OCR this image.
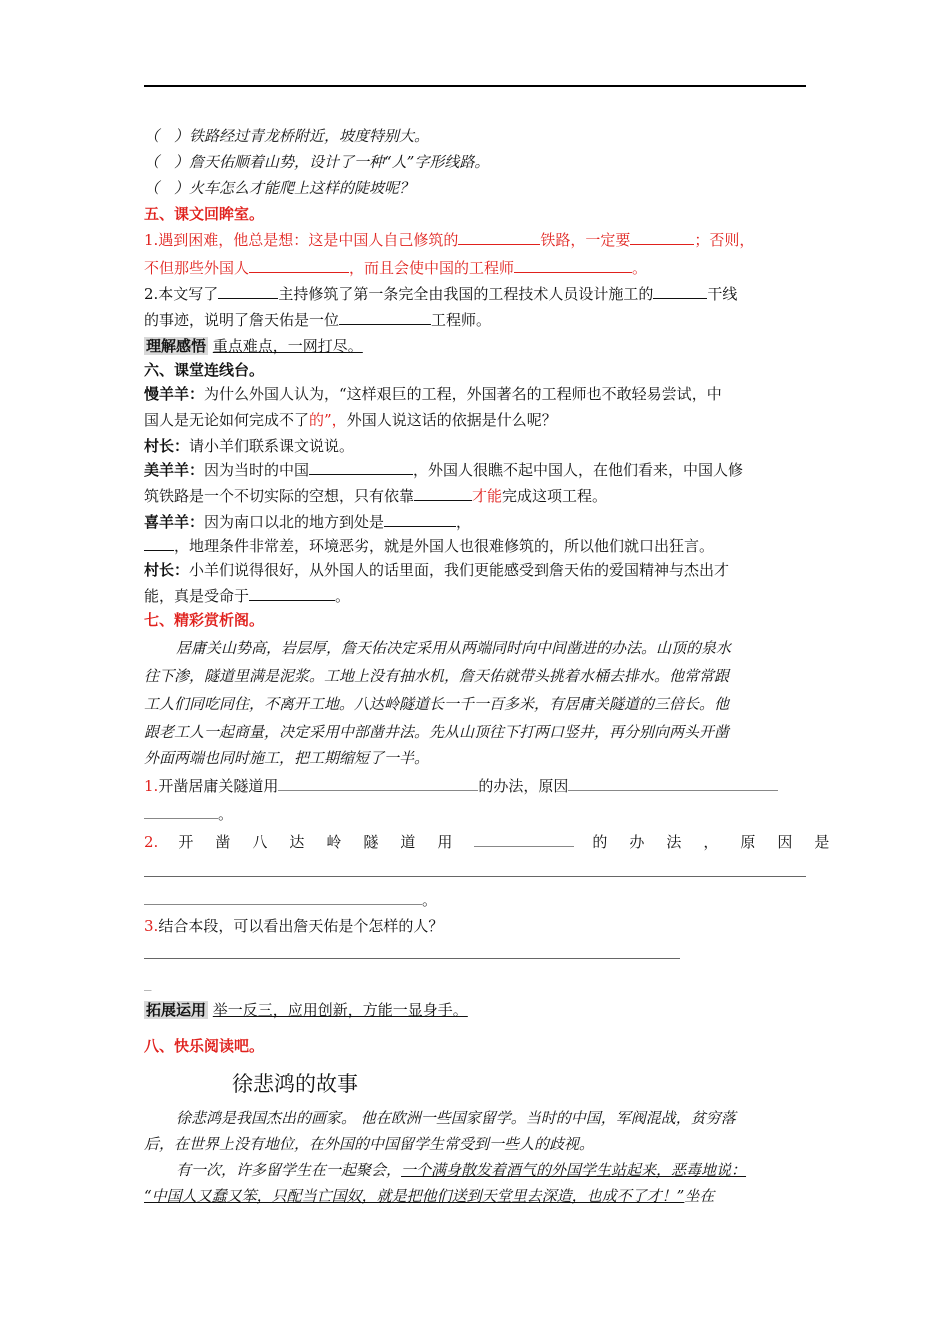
（　）铁路经过青龙桥附近，坡度特别大。
（　）詹天佑顺着山势，设计了一种“人”字形线路。
（　）火车怎么才能爬上这样的陡坡呢？
五、课文回眸室。
1.遇到困难，他总是想：这是中国人自己修筑的	铁路，一定要	；否则，
不但那些外国人	，而且会使中国的工程师	。
2.本文写了	主持修筑了第一条完全由我国的工程技术人员设计施工的	干线
的事迹，说明了詹天佑是一位	工程师。
理解感悟 重点难点，一网打尽。
六、课堂连线台。
慢羊羊：为什么外国人认为，“这样艰巨的工程，外国著名的工程师也不敢轻易尝试，中
国人是无论如何完成不了的”，外国人说这话的依据是什么呢？
村长：请小羊们联系课文说说。
美羊羊：因为当时的中国	，外国人很瞧不起中国人，在他们看来，中国人修
筑铁路是一个不切实际的空想，只有依靠	才能完成这项工程。
喜羊羊：因为南口以北的地方到处是	，
，地理条件非常差，环境恶劣，就是外国人也很难修筑的，所以他们就口出狂言。
村长：小羊们说得很好，从外国人的话里面，我们更能感受到詹天佑的爱国精神与杰出才
能，真是受命于	。
七、精彩赏析阁。
居庸关山势高，岩层厚，詹天佑决定采用从两端同时向中间凿进的办法。山顶的泉水
往下渗，隧道里满是泥浆。工地上没有抽水机，詹天佑就带头挑着水桶去排水。他常常跟
工人们同吃同住，不离开工地。八达岭隧道长一千一百多米，有居庸关隧道的三倍长。他
跟老工人一起商量，决定采用中部凿井法。先从山顶往下打两口竖井，再分别向两头开凿
外面两端也同时施工，把工期缩短了一半。
1.开凿居庸关隧道用	的办法，原因
。
2. 开凿八达岭隧道用	的办法，原因是
。
3.结合本段，可以看出詹天佑是个怎样的人？
_
拓展运用 举一反三，应用创新，方能一显身手。
八、快乐阅读吧。
徐悲鸿的故事
徐悲鸿是我国杰出的画家。 他在欧洲一些国家留学。当时的中国，军阀混战，贫穷落
后，在世界上没有地位，在外国的中国留学生常受到一些人的歧视。
有一次，许多留学生在一起聚会，一个满身散发着酒气的外国学生站起来，恶毒地说：
“中国人又蠢又笨，只配当亡国奴，就是把他们送到天堂里去深造，也成不了才！”坐在
